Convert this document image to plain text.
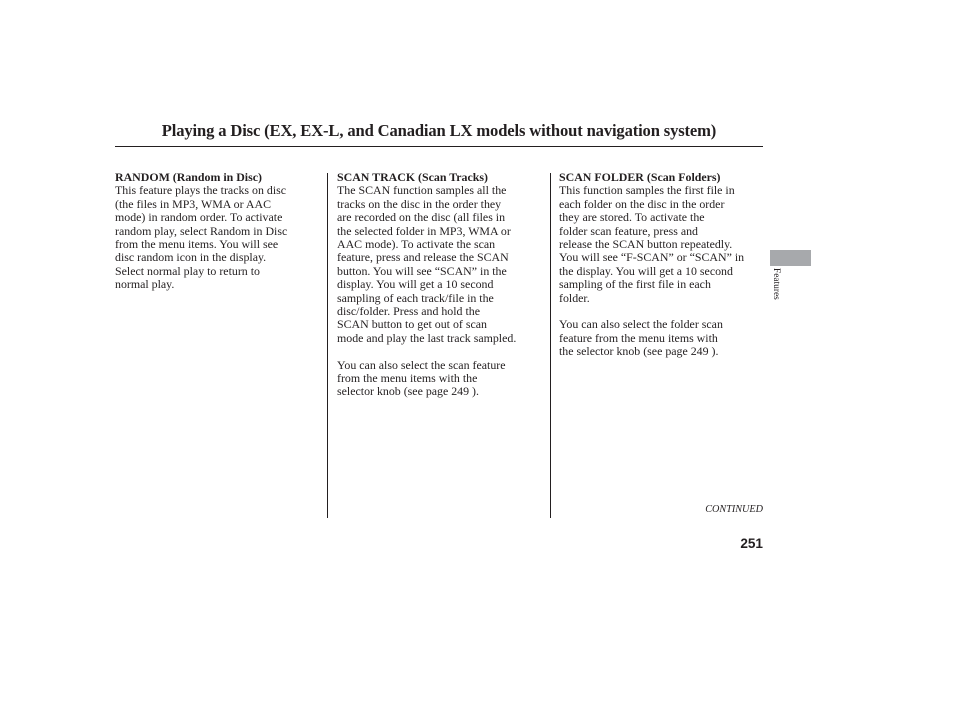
Playing a Disc (EX, EX-L, and Canadian LX models without navigation system)
RANDOM (Random in Disc)

This feature plays the tracks on disc
(the files in MP3, WMA or AAC
mode) in random order. To activate
random play, select Random in Disc
from the menu items. You will see
disc random icon in the display.
Select normal play to return to
normal play.

SCAN TRACK (Scan Tracks)

The SCAN function samples all the
tracks on the disc in the order they
are recorded on the disc (all files in
the selected folder in MP3, WMA or
AAC mode). To activate the scan
feature, press and release the SCAN
button. You will see “SCAN” in the
display. You will get a 10 second
sampling of each track/file in the
disc/folder. Press and hold the
SCAN button to get out of scan
mode and play the last track sampled.

You can also select the scan feature
from the menu items with the
selector knob (see page 249 ).

SCAN FOLDER (Scan Folders)

This function samples the first file in
each folder on the disc in the order
they are stored. To activate the
folder scan feature, press and
release the SCAN button repeatedly.
You will see “F-SCAN” or “SCAN” in
the display. You will get a 10 second
sampling of the first file in each
folder.

You can also select the folder scan
feature from the menu items with
the selector knob (see page 249 ).

Features
CONTINUED
251
